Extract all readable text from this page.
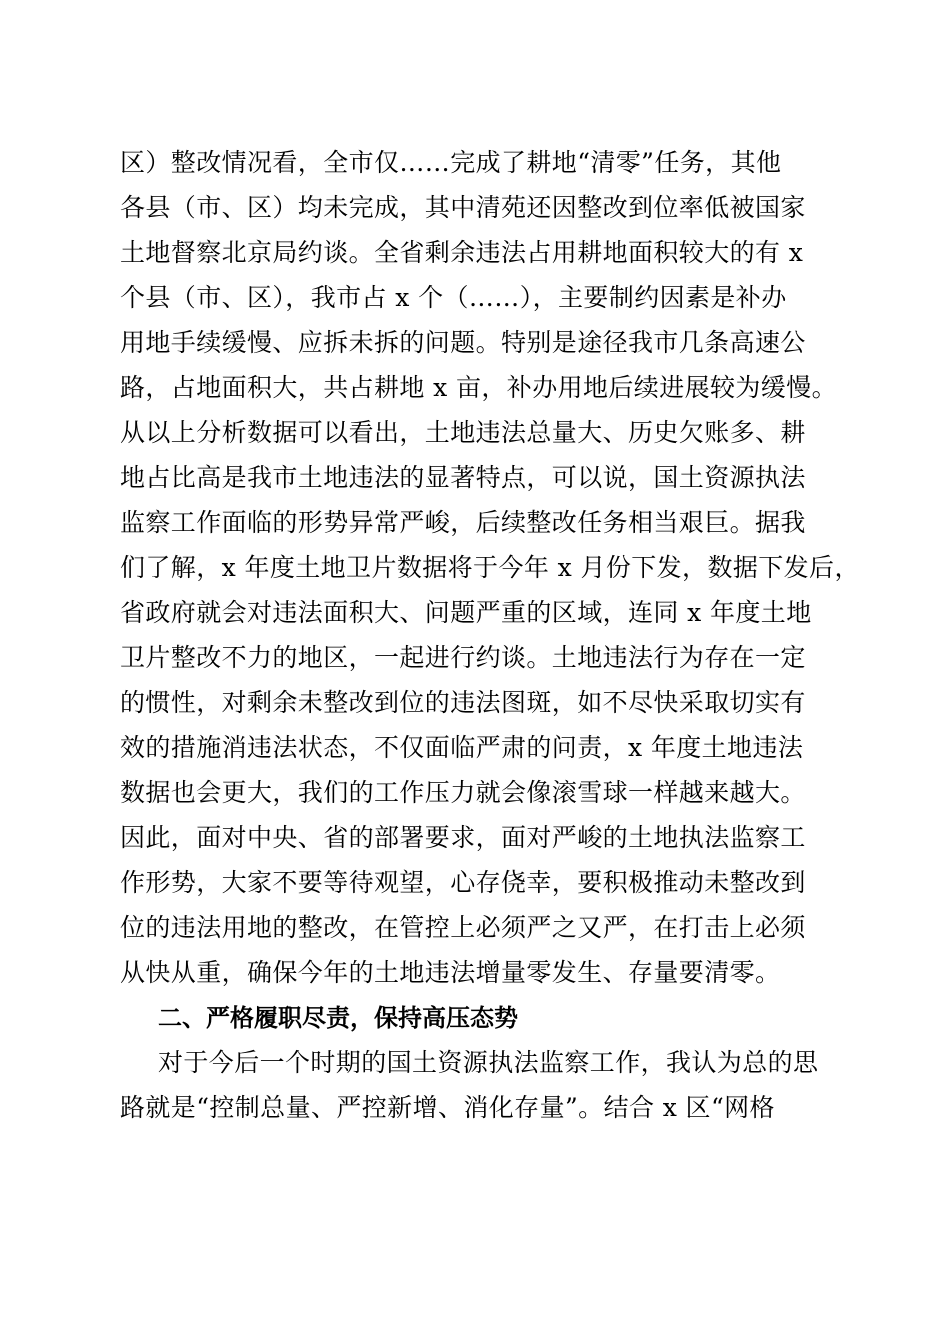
区）整改情况看，全市仅……完成了耕地“清零”任务，其他
各县（市、区）均未完成，其中清苑还因整改到位率低被国家
土地督察北京局约谈。全省剩余违法占用耕地面积较大的有 x
个县（市、区），我市占 x 个（……），主要制约因素是补办
用地手续缓慢、应拆未拆的问题。特别是途径我市几条高速公
路，占地面积大，共占耕地 x 亩，补办用地后续进展较为缓慢。
从以上分析数据可以看出，土地违法总量大、历史欠账多、耕
地占比高是我市土地违法的显著特点，可以说，国土资源执法
监察工作面临的形势异常严峻，后续整改任务相当艰巨。据我
们了解，x 年度土地卫片数据将于今年 x 月份下发，数据下发后，
省政府就会对违法面积大、问题严重的区域，连同 x 年度土地
卫片整改不力的地区，一起进行约谈。土地违法行为存在一定
的惯性，对剩余未整改到位的违法图斑，如不尽快采取切实有
效的措施消违法状态，不仅面临严肃的问责，x 年度土地违法
数据也会更大，我们的工作压力就会像滚雪球一样越来越大。
因此，面对中央、省的部署要求，面对严峻的土地执法监察工
作形势，大家不要等待观望，心存侥幸，要积极推动未整改到
位的违法用地的整改，在管控上必须严之又严，在打击上必须
从快从重，确保今年的土地违法增量零发生、存量要清零。
二、严格履职尽责，保持高压态势
对于今后一个时期的国土资源执法监察工作，我认为总的思
路就是“控制总量、严控新增、消化存量”。结合 x 区“网格
